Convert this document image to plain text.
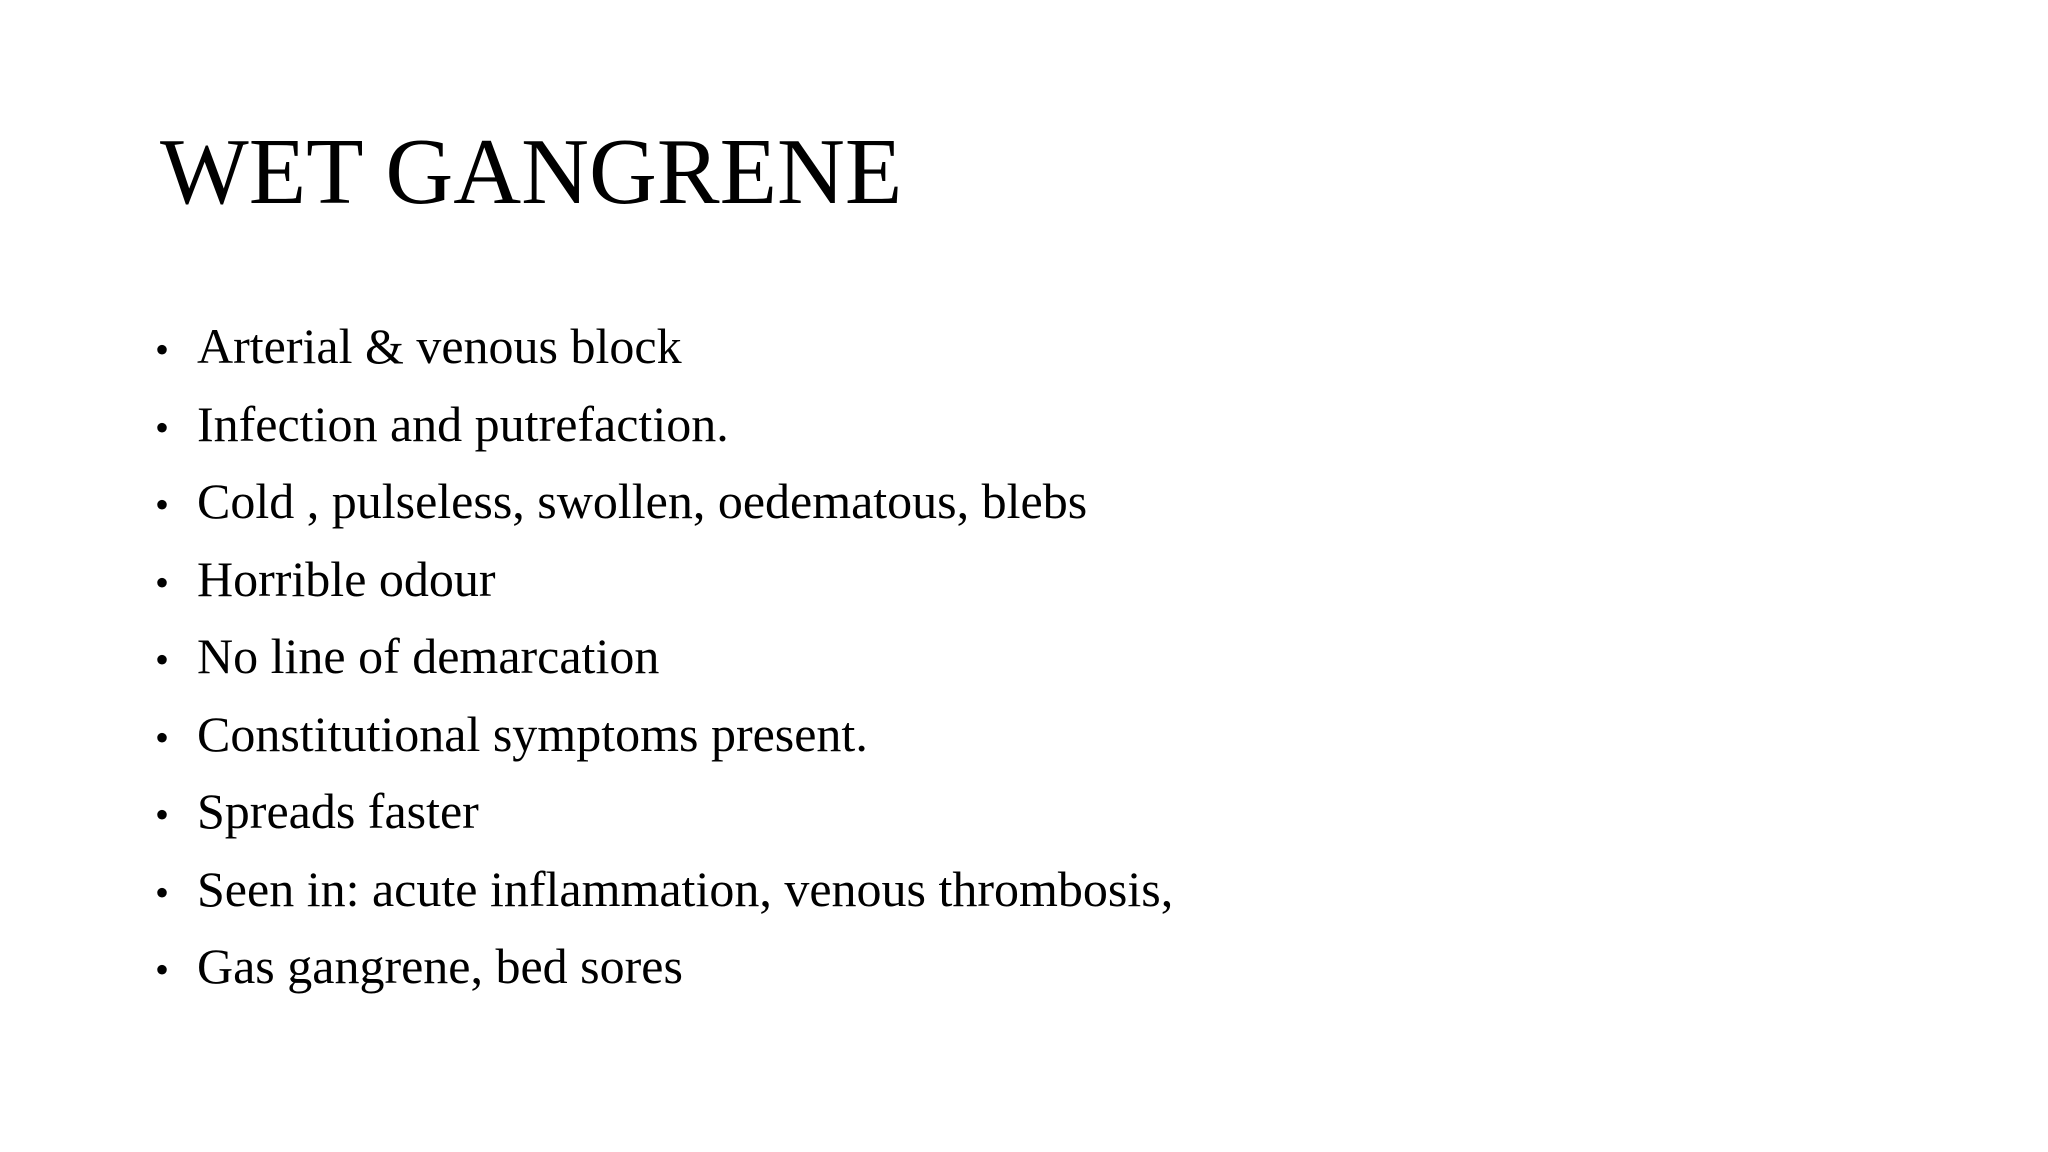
WET GANGRENE
• Arterial & venous block
• Infection and putrefaction.
• Cold , pulseless, swollen, oedematous, blebs
• Horrible odour
• No line of demarcation
• Constitutional symptoms present.
• Spreads faster
• Seen in: acute inflammation, venous thrombosis,
• Gas gangrene, bed sores
